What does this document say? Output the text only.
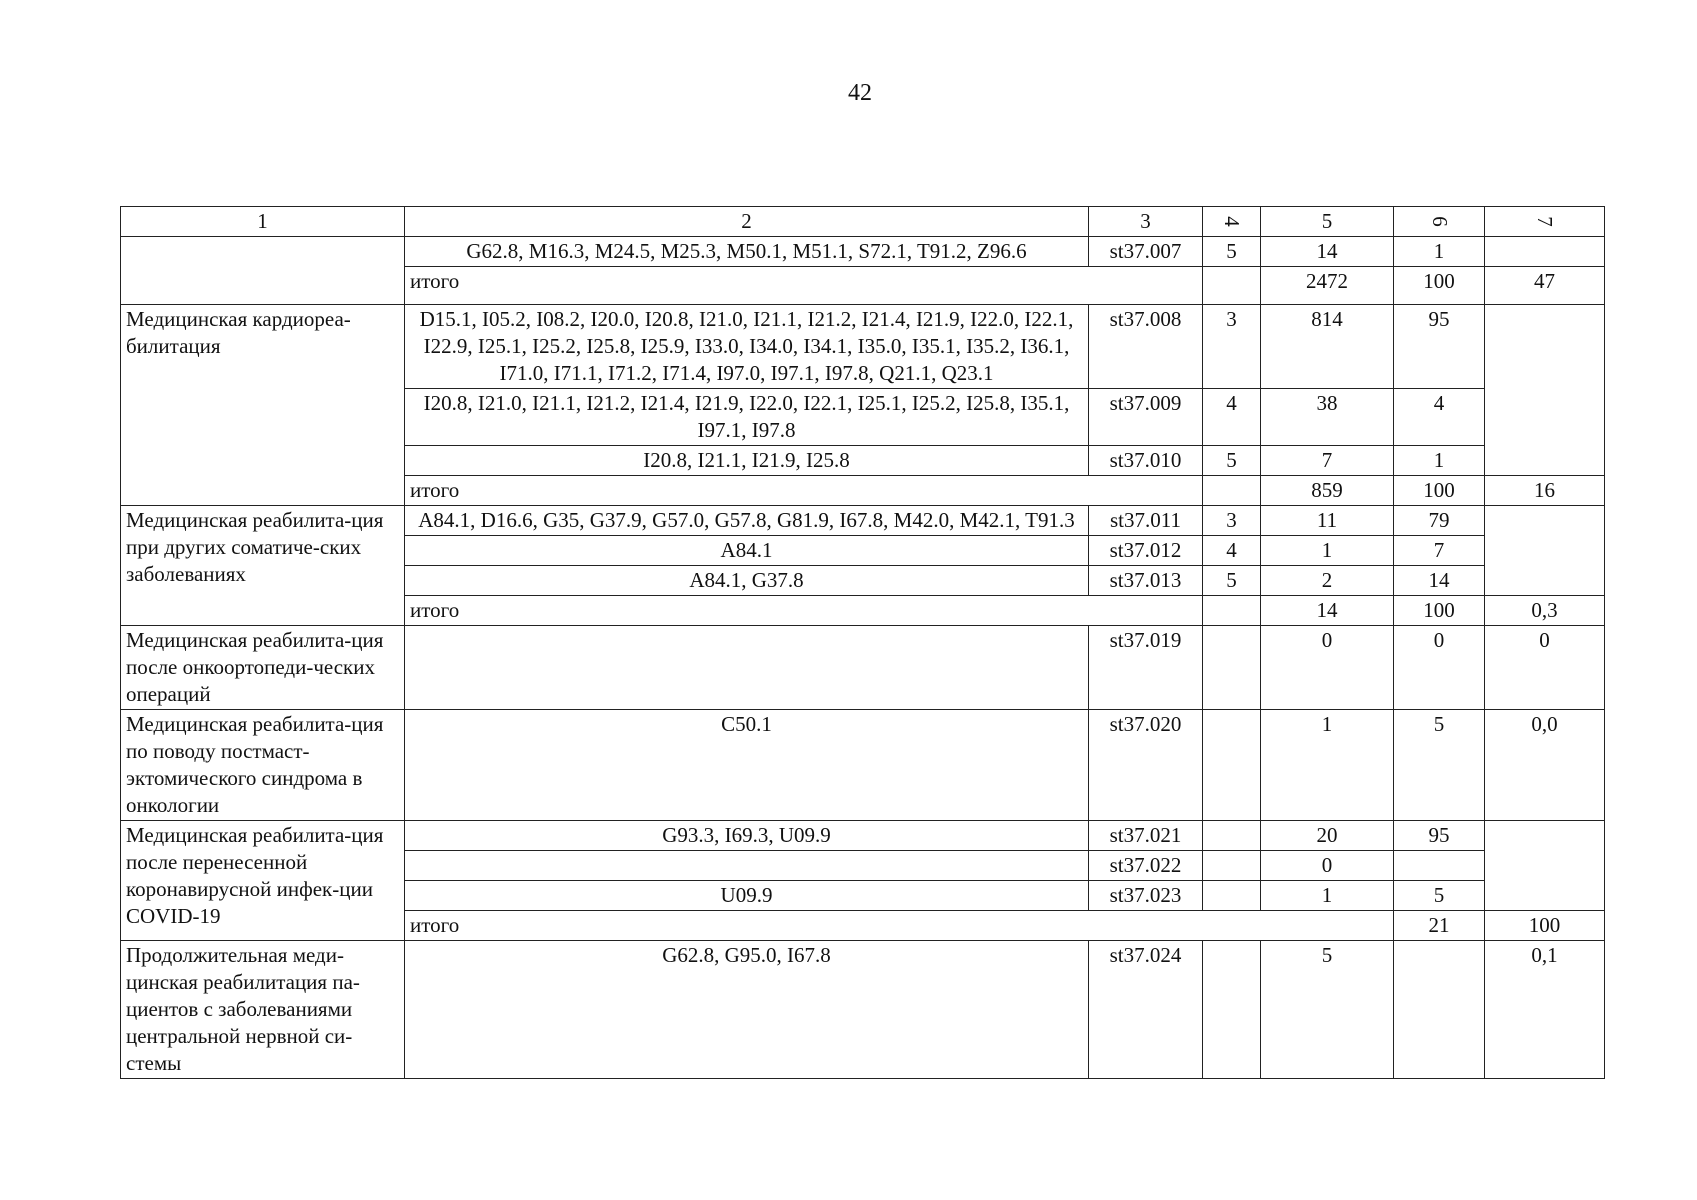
42
1	2	3	4	5	6	7	
	G62.8, M16.3, M24.5, M25.3, M50.1, M51.1, S72.1, T91.2, Z96.6	st37.007	5	14	1		
	итого			2472	100	47	
Медицинская кардиореа-билитация	D15.1, I05.2, I08.2, I20.0, I20.8, I21.0, I21.1, I21.2, I21.4, I21.9, I22.0, I22.1, I22.9, I25.1, I25.2, I25.8, I25.9, I33.0, I34.0, I34.1, I35.0, I35.1, I35.2, I36.1, I71.0, I71.1, I71.2, I71.4, I97.0, I97.1, I97.8, Q21.1, Q23.1	st37.008	3	814	95		
	I20.8, I21.0, I21.1, I21.2, I21.4, I21.9, I22.0, I22.1, I25.1, I25.2, I25.8, I35.1, I97.1, I97.8	st37.009	4	38	4		
	I20.8, I21.1, I21.9, I25.8	st37.010	5	7	1		
	итого			859	100	16	
Медицинская реабилита-ция при других соматиче-ских заболеваниях	A84.1, D16.6, G35, G37.9, G57.0, G57.8, G81.9, I67.8, M42.0, M42.1, T91.3	st37.011	3	11	79		
	A84.1	st37.012	4	1	7		
	A84.1, G37.8	st37.013	5	2	14		
	итого			14	100	0,3	
Медицинская реабилита-ция после онкоортопеди-ческих операций		st37.019		0	0	0	
Медицинская реабилита-ция по поводу постмаст-эктомического синдрома в онкологии	C50.1	st37.020		1	5	0,0	
Медицинская реабилита-ция после перенесенной коронавирусной инфек-ции COVID-19	G93.3, I69.3, U09.9	st37.021		20	95		
		st37.022		0			
	U09.9	st37.023		1	5		
	итого				21	100	
Продолжительная меди-цинская реабилитация па-циентов с заболеваниями центральной нервной си-стемы	G62.8, G95.0, I67.8	st37.024		5		0,1	
